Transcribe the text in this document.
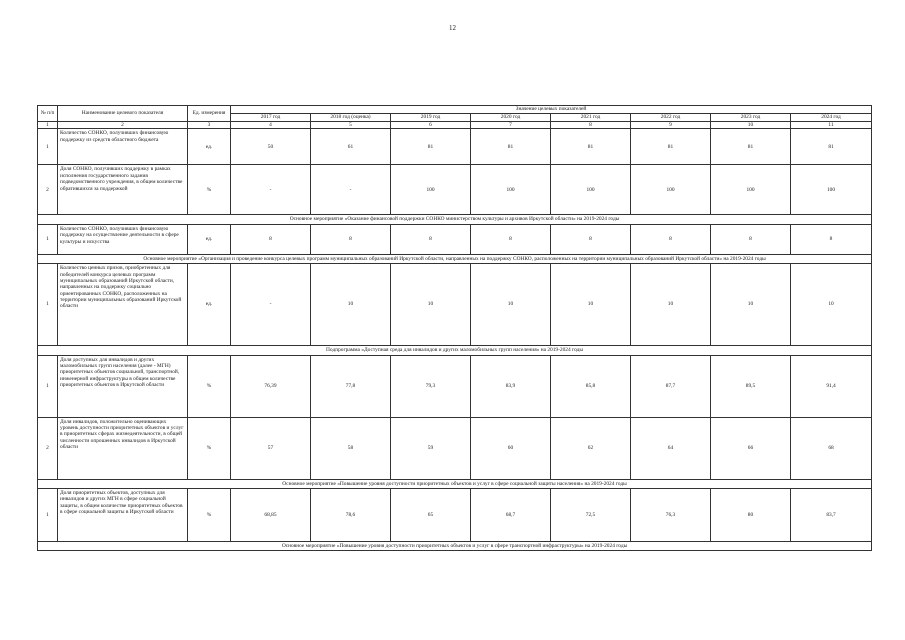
12
№ п/п	Наименование целевого показателя	Ед. измерения	Значение целевых показателей							
			2017 год	2018 год (оценка)	2019 год	2020 год	2021 год	2022 год	2023 год	2024 год
1	2	3	4	5	6	7	8	9	10	11
1	Количество СОНКО, получивших финансовую поддержку из средств областного бюджета	ед.	50	61	81	81	81	81	81	81
2	Доля СОНКО, получивших поддержку в рамках исполнения государственного задания подведомственного учреждения, в общем количестве обратившихся за поддержкой	%	-	-	100	100	100	100	100	100
Основное мероприятие «Оказание финансовой поддержки СОНКО министерством культуры и архивов Иркутской области» на 2019-2024 годы										
1	Количество СОНКО, получивших финансовую поддержку на осуществление деятельности в сфере культуры и искусства	ед.	8	8	8	8	8	8	8	8
Основное мероприятие «Организация и проведение конкурса целевых программ муниципальных образований Иркутской области, направленных на поддержку СОНКО, расположенных на территории муниципальных образований Иркутской области» на 2019-2024 годы										
1	Количество ценных призов, приобретенных для победителей конкурса целевых программ муниципальных образований Иркутской области, направленных на поддержку социально ориентированных СОНКО, расположенных на территории муниципальных образований Иркутской области	ед.	-	10	10	10	10	10	10	10
Подпрограмма «Доступная среда для инвалидов и других маломобильных групп населения» на 2019-2024 годы										
1	Доля доступных для инвалидов и других маломобильных групп населения (далее - МГН) приоритетных объектов социальной, транспортной, инженерной инфраструктуры в общем количестве приоритетных объектов в Иркутской области	%	76,39	77,8	79,3	83,9	85,8	87,7	89,5	91,4
2	Доля инвалидов, положительно оценивающих уровень доступности приоритетных объектов и услуг в приоритетных сферах жизнедеятельности, в общей численности опрошенных инвалидов в Иркутской области	%	57	58	59	60	62	64	66	68
Основное мероприятие «Повышение уровня доступности приоритетных объектов и услуг в сфере социальной защиты населения» на 2019-2024 годы										
1	Доля приоритетных объектов, доступных для инвалидов и других МГН в сфере социальной защиты, в общем количестве приоритетных объектов в сфере социальной защиты в Иркутской области	%	68,85	78,6	65	68,7	72,5	76,3	80	83,7
Основное мероприятие «Повышение уровня доступности приоритетных объектов и услуг в сфере транспортной инфраструктуры» на 2019-2024 годы										
